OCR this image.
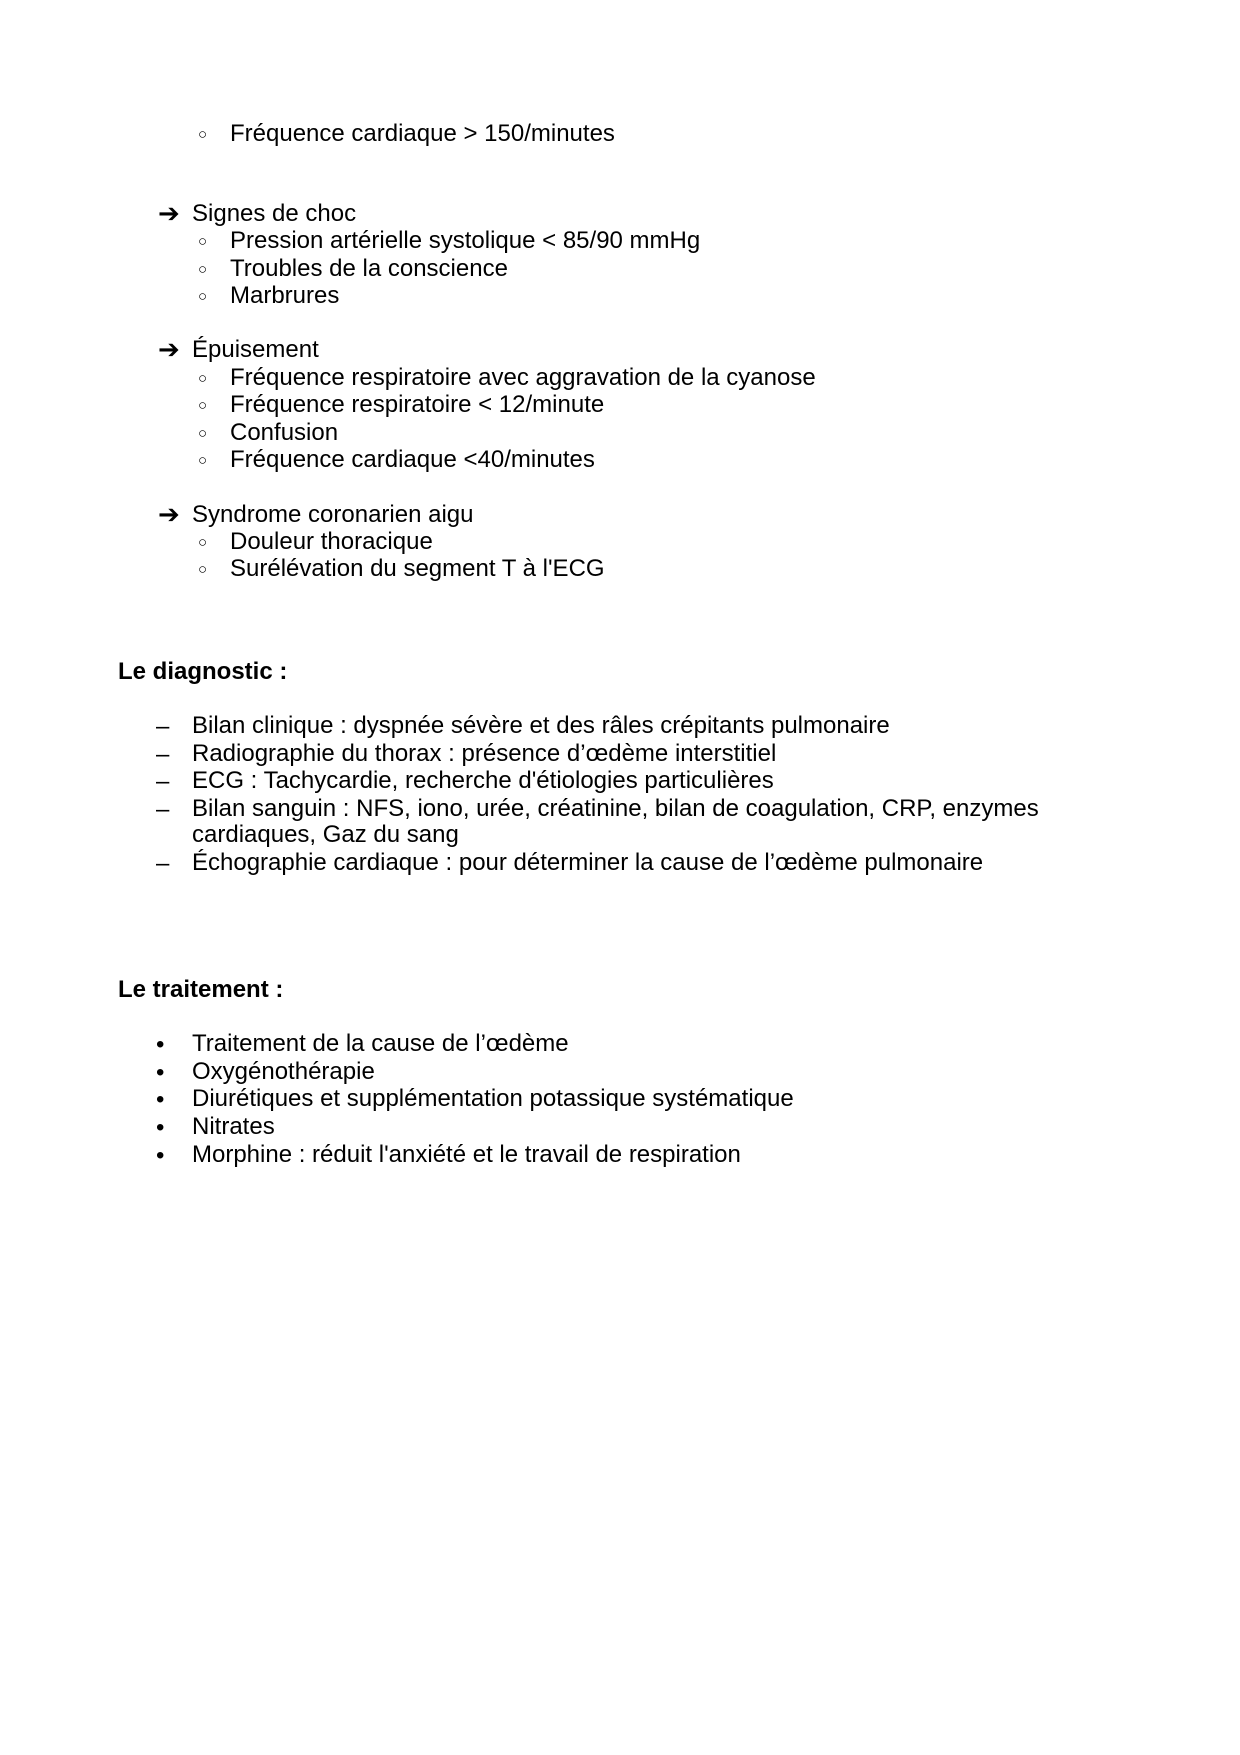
○ Fréquence cardiaque > 150/minutes
➔ Signes de choc
○ Pression artérielle systolique < 85/90 mmHg
○ Troubles de la conscience
○ Marbrures
➔ Épuisement
○ Fréquence respiratoire avec aggravation de la cyanose
○ Fréquence respiratoire < 12/minute
○ Confusion
○ Fréquence cardiaque <40/minutes
➔ Syndrome coronarien aigu
○ Douleur thoracique
○ Surélévation du segment T à l'ECG
Le diagnostic :
– Bilan clinique : dyspnée sévère et des râles crépitants pulmonaire
– Radiographie du thorax : présence d’œdème interstitiel
– ECG : Tachycardie, recherche d'étiologies particulières
– Bilan sanguin : NFS, iono, urée, créatinine, bilan de coagulation, CRP, enzymes
cardiaques, Gaz du sang
– Échographie cardiaque : pour déterminer la cause de l’œdème pulmonaire
Le traitement :
• Traitement de la cause de l’œdème
• Oxygénothérapie
• Diurétiques et supplémentation potassique systématique
• Nitrates
• Morphine : réduit l'anxiété et le travail de respiration
